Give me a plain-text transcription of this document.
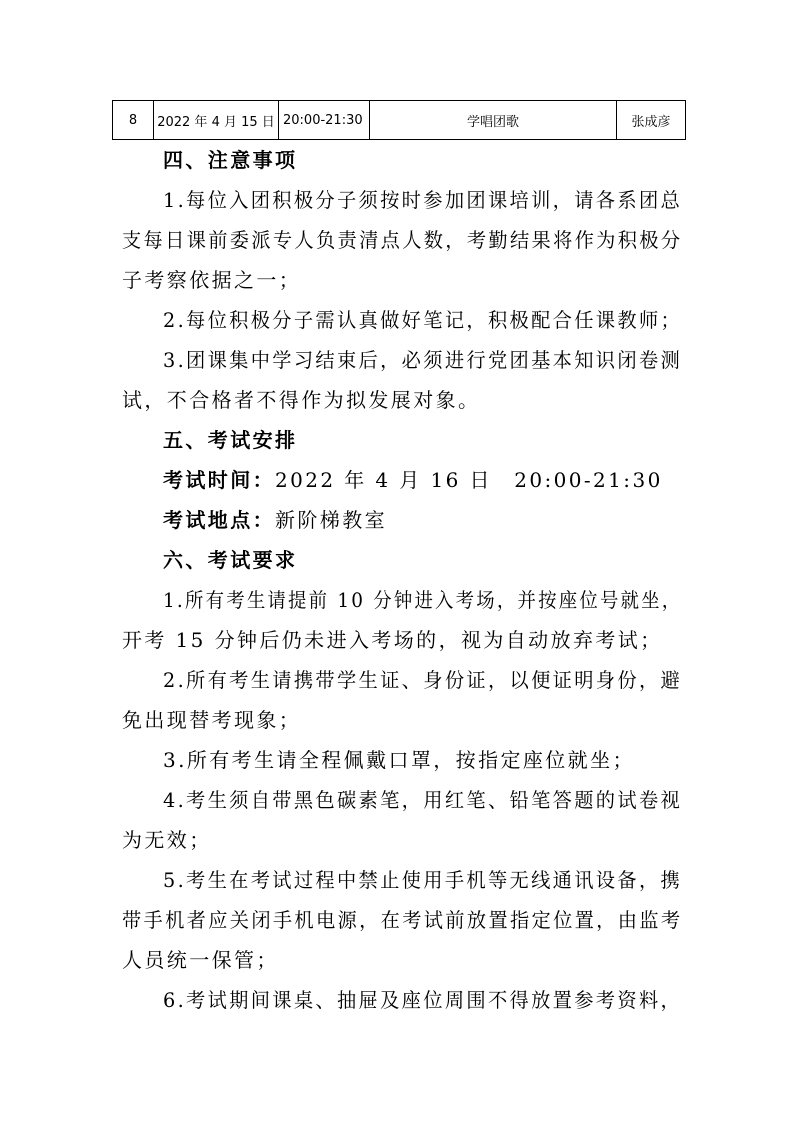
8	2022 年 4 月 15 日	20:00-21:30	学唱团歌	张成彦
四、注意事项
1.每位入团积极分子须按时参加团课培训，请各系团总
支每日课前委派专人负责清点人数，考勤结果将作为积极分
子考察依据之一；
2.每位积极分子需认真做好笔记，积极配合任课教师；
3.团课集中学习结束后，必须进行党团基本知识闭卷测
试，不合格者不得作为拟发展对象。
五、考试安排
考试时间：2022 年 4 月 16 日　20:00-21:30
考试地点：新阶梯教室
六、考试要求
1.所有考生请提前 10 分钟进入考场，并按座位号就坐，
开考 15 分钟后仍未进入考场的，视为自动放弃考试；
2.所有考生请携带学生证、身份证，以便证明身份，避
免出现替考现象；
3.所有考生请全程佩戴口罩，按指定座位就坐；
4.考生须自带黑色碳素笔，用红笔、铅笔答题的试卷视
为无效；
5.考生在考试过程中禁止使用手机等无线通讯设备，携
带手机者应关闭手机电源，在考试前放置指定位置，由监考
人员统一保管；
6.考试期间课桌、抽屉及座位周围不得放置参考资料，
